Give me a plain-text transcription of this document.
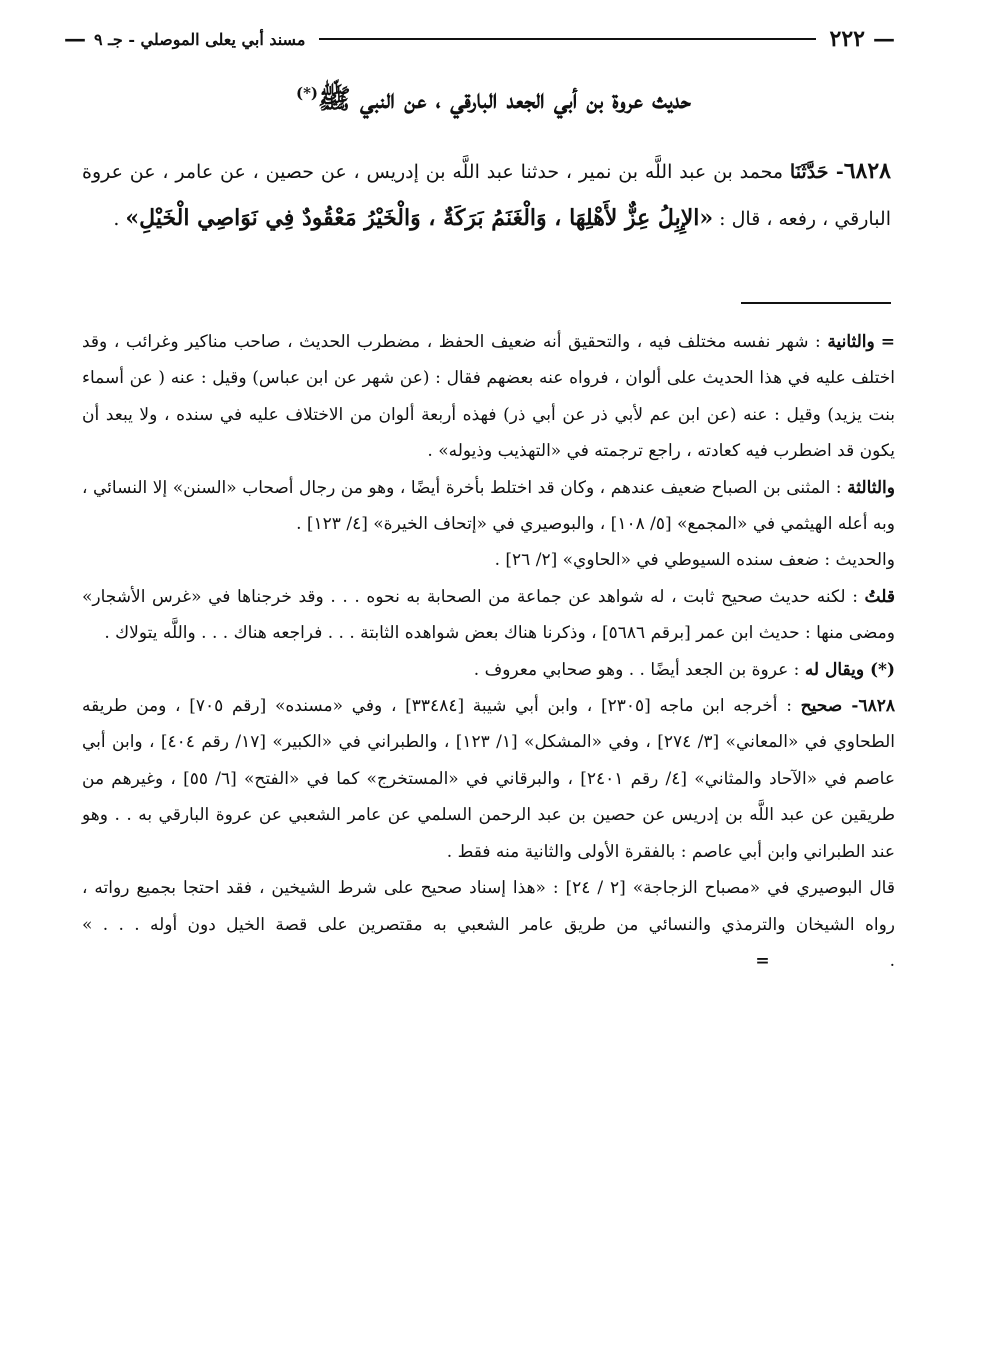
—
٢٢٢
مسند أبي يعلى الموصلي - جـ ٩
—
حديث عروة بن أبي الجعد البارقي ، عن النبي ﷺ(*)
٦٨٢٨- حَدَّثَنَا محمد بن عبد اللَّه بن نمير ، حدثنا عبد اللَّه بن إدريس ، عن حصين ، عن عامر ، عن عروة البارقي ، رفعه ، قال : «الإِبِلُ عِزٌّ لأَهْلِهَا ، وَالْغَنَمُ بَرَكَةٌ ، وَالْخَيْرُ مَعْقُودٌ فِي نَوَاصِي الْخَيْلِ» .

=والثانية : شهر نفسه مختلف فيه ، والتحقيق أنه ضعيف الحفظ ، مضطرب الحديث ، صاحب مناكير وغرائب ، وقد اختلف عليه في هذا الحديث على ألوان ، فرواه عنه بعضهم فقال : (عن شهر عن ابن عباس) وقيل : عنه ( عن أسماء بنت يزيد) وقيل : عنه (عن ابن عم لأبي ذر عن أبي ذر) فهذه أربعة ألوان من الاختلاف عليه في سنده ، ولا يبعد أن يكون قد اضطرب فيه كعادته ، راجع ترجمته في «التهذيب وذيوله» .

والثالثة : المثنى بن الصباح ضعيف عندهم ، وكان قد اختلط بأخرة أيضًا ، وهو من رجال أصحاب «السنن» إلا النسائي ، وبه أعله الهيثمي في «المجمع» [٥/ ١٠٨] ، والبوصيري في «إتحاف الخيرة» [٤/ ١٢٣] .

والحديث : ضعف سنده السيوطي في «الحاوي» [٢/ ٢٦] .

قلتُ : لكنه حديث صحيح ثابت ، له شواهد عن جماعة من الصحابة به نحوه . . . وقد خرجناها في «غرس الأشجار» ومضى منها : حديث ابن عمر [برقم ٥٦٨٦] ، وذكرنا هناك بعض شواهده الثابتة . . . فراجعه هناك . . . واللَّه يتولاك .

(*) ويقال له : عروة بن الجعد أيضًا . . وهو صحابي معروف .

٦٨٢٨- صحيح : أخرجه ابن ماجه [٢٣٠٥] ، وابن أبي شيبة [٣٣٤٨٤] ، وفي «مسنده» [رقم ٧٠٥] ، ومن طريقه الطحاوي في «المعاني» [٣/ ٢٧٤] ، وفي «المشكل» [١/ ١٢٣] ، والطبراني في «الكبير» [١٧/ رقم ٤٠٤] ، وابن أبي عاصم في «الآحاد والمثاني» [٤/ رقم ٢٤٠١] ، والبرقاني في «المستخرج» كما في «الفتح» [٦/ ٥٥] ، وغيرهم من طريقين عن عبد اللَّه بن إدريس عن حصين بن عبد الرحمن السلمي عن عامر الشعبي عن عروة البارقي به . . وهو عند الطبراني وابن أبي عاصم : بالفقرة الأولى والثانية منه فقط .

قال البوصيري في «مصباح الزجاجة» [٢ / ٢٤] : «هذا إسناد صحيح على شرط الشيخين ، فقد احتجا بجميع رواته ، رواه الشيخان والترمذي والنسائي من طريق عامر الشعبي به مقتصرين على قصة الخيل دون أوله . . . » .=
